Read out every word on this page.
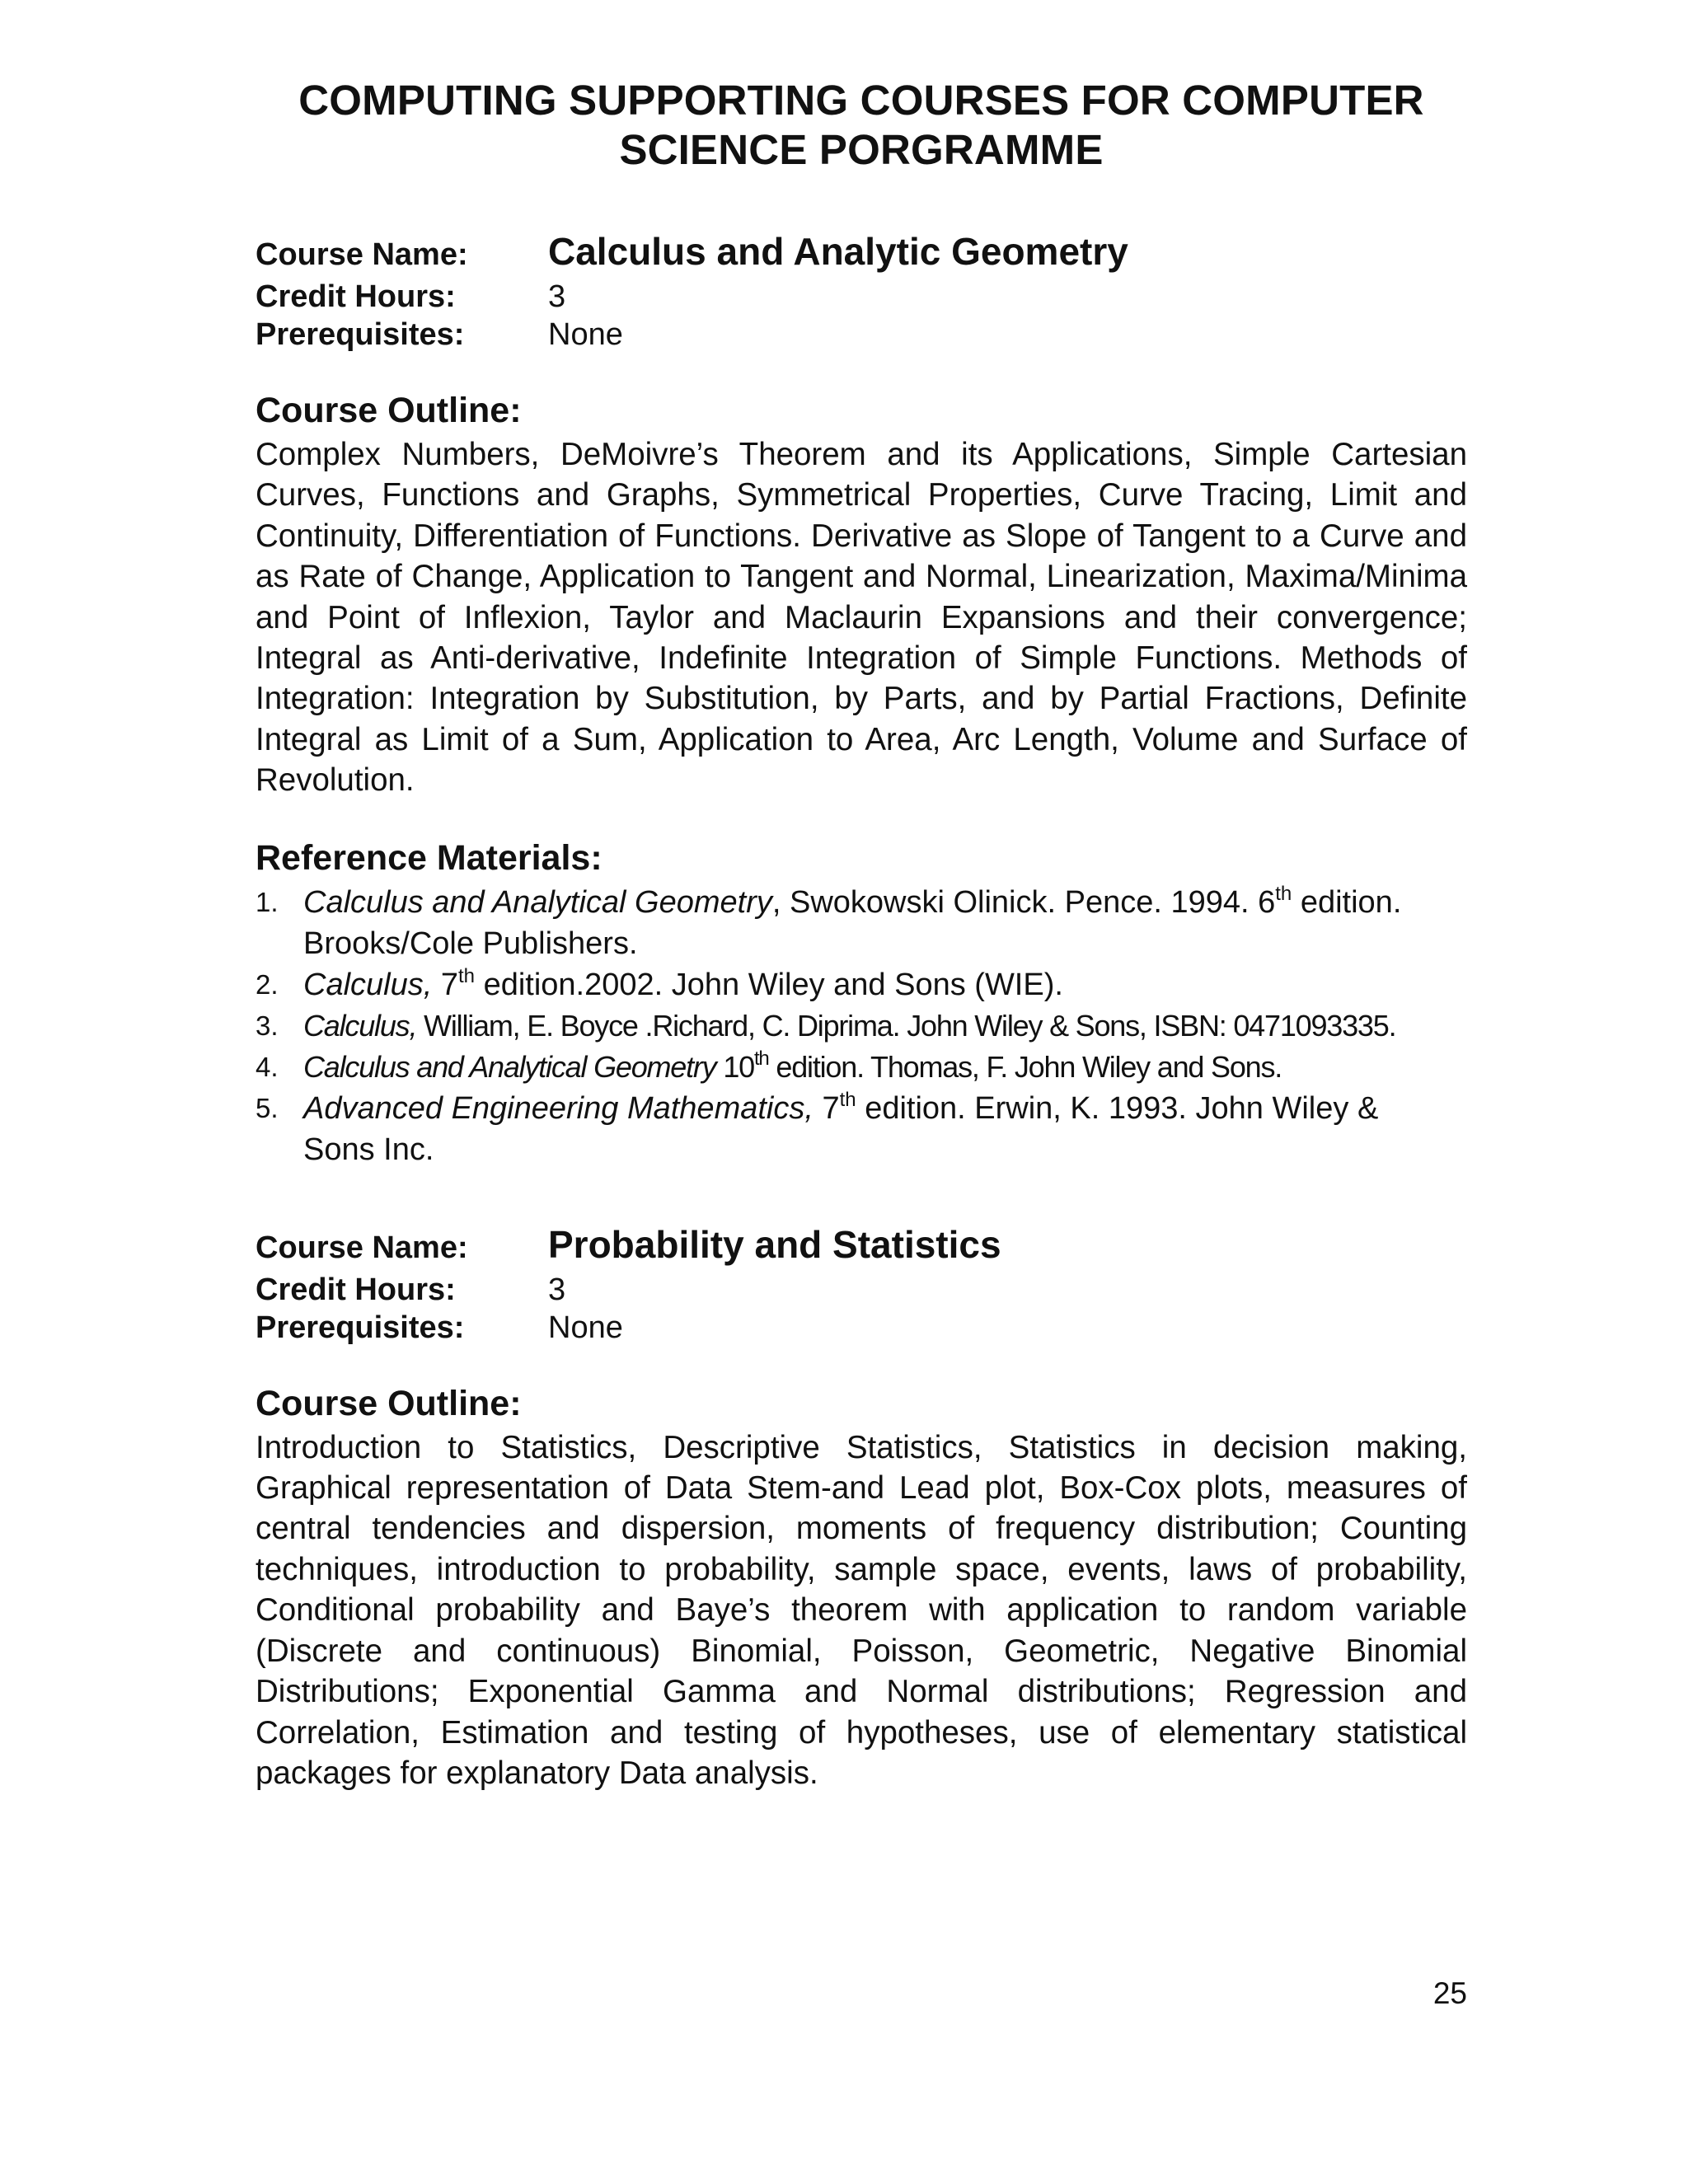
COMPUTING SUPPORTING COURSES FOR COMPUTER
SCIENCE PORGRAMME
Course Name:	Calculus and Analytic Geometry
Credit Hours:	3
Prerequisites:	None
Course Outline:

Complex Numbers, DeMoivre’s Theorem and its Applications, Simple Cartesian Curves, Functions and Graphs, Symmetrical Properties, Curve Tracing, Limit and Continuity, Differentiation of Functions. Derivative as Slope of Tangent to a Curve and as Rate of Change, Application to Tangent and Normal, Linearization, Maxima/Minima and Point of Inflexion, Taylor and Maclaurin Expansions and their convergence; Integral as Anti-derivative, Indefinite Integration of Simple Functions. Methods of Integration: Integration by Substitution, by Parts, and by Partial Fractions, Definite Integral as Limit of a Sum, Application to Area, Arc Length, Volume and Surface of Revolution.

Reference Materials:
1. Calculus and Analytical Geometry, Swokowski Olinick. Pence. 1994. 6th edition. Brooks/Cole Publishers.
2. Calculus, 7th edition.2002. John Wiley and Sons (WIE).
3. Calculus, William, E. Boyce .Richard, C. Diprima. John Wiley & Sons, ISBN: 0471093335.
4. Calculus and Analytical Geometry 10th edition. Thomas, F. John Wiley and Sons.
5. Advanced Engineering Mathematics, 7th edition. Erwin, K. 1993. John Wiley & Sons Inc.
Course Name:	Probability and Statistics
Credit Hours:	3
Prerequisites:	None
Course Outline:

Introduction to Statistics, Descriptive Statistics, Statistics in decision making, Graphical representation of Data Stem-and Lead plot, Box-Cox plots, measures of central tendencies and dispersion, moments of frequency distribution; Counting techniques, introduction to probability, sample space, events, laws of probability, Conditional probability and Baye’s theorem with application to random variable (Discrete and continuous) Binomial, Poisson, Geometric, Negative Binomial Distributions; Exponential Gamma and Normal distributions; Regression and Correlation, Estimation and testing of hypotheses, use of elementary statistical packages for explanatory Data analysis.

25
